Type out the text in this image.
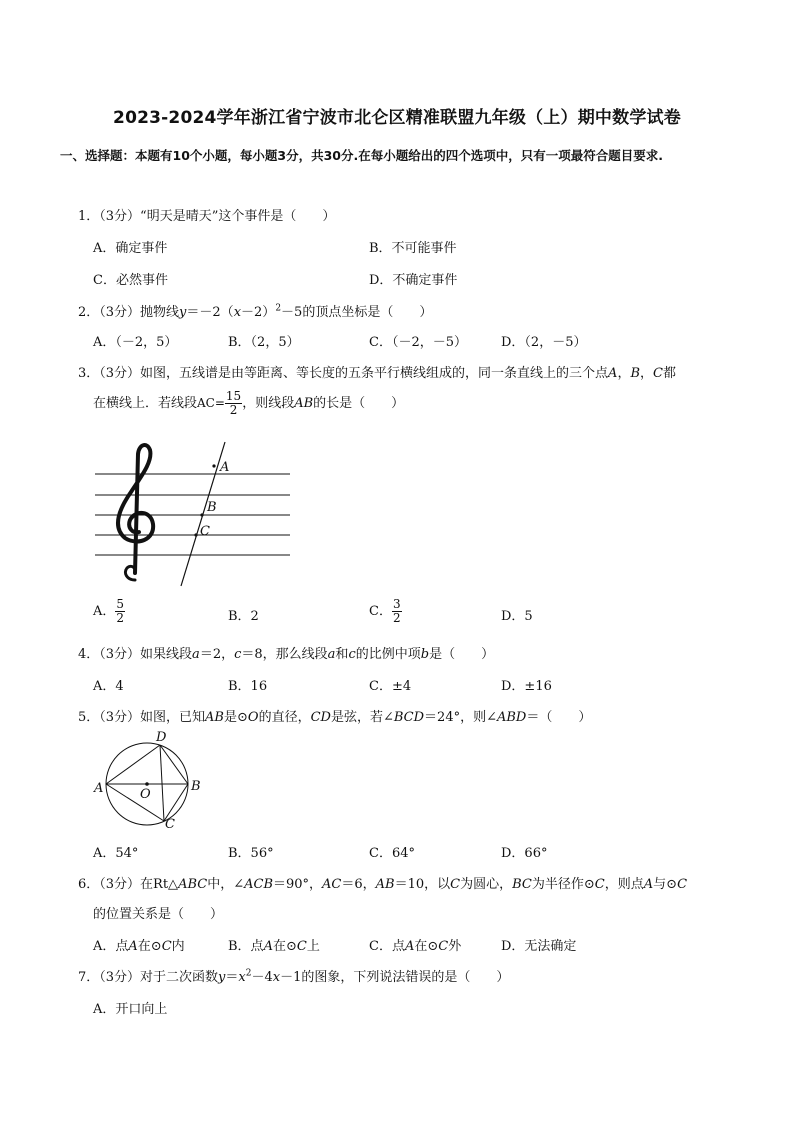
2023-2024学年浙江省宁波市北仑区精准联盟九年级（上）期中数学试卷
一、选择题：本题有10个小题，每小题3分，共30分.在每小题给出的四个选项中，只有一项最符合题目要求.
1．（3分）“明天是晴天”这个事件是（　　）
A．确定事件	B．不可能事件
C．必然事件	D．不确定事件
2．（3分）抛物线$y=-2(x-2)^2-5$的顶点坐标是（　　）
A．（－2，5）	B．（2，5）	C．（－2，－5）	D．（2，－5）
3．（3分）如图，五线谱是由等距离、等长度的五条平行横线组成的，同一条直线上的三个点A，B，C都
在横线上．若线段$AC= \frac{15}{2}$ ，则线段AB的长是（　　）
A
B
C
A． $\frac{5}{2}$	B．2	C． $\frac{3}{2}$	D．5
4．（3分）如果线段a＝2，c＝8，那么线段a和c的比例中项b是（　　）
A．4	B．16	C．±4	D．±16
5．（3分）如图，已知AB是⊙O的直径，CD是弦，若∠BCD＝24°，则∠ABD＝（　　）
A	B
C
D
O
A．54°	B．56°	C．64°	D．66°
6．（3分）在Rt△ABC中，∠ACB＝90°，AC＝6，AB＝10，以C为圆心，BC为半径作⊙C，则点A与⊙C
的位置关系是（　　）
A．点A在⊙C内	B．点A在⊙C上	C．点A在⊙C外	D．无法确定
7．（3分）对于二次函数$y=x^2-4x-1$的图象，下列说法错误的是（　　）
A．开口向上
